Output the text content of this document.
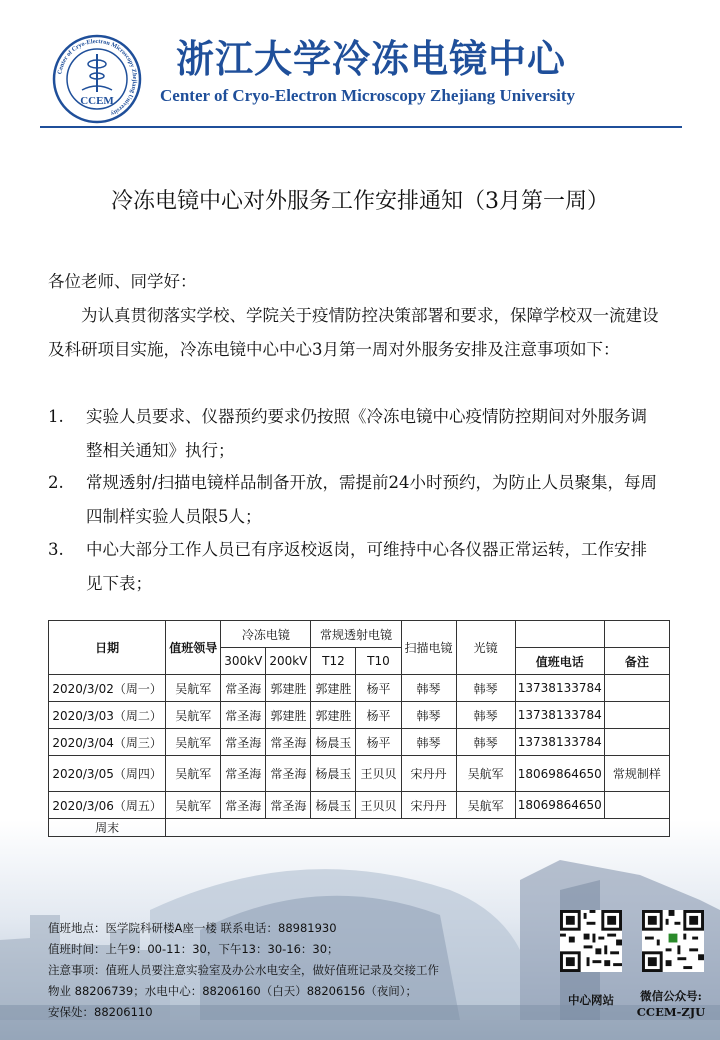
Center of Cryo-Electron Microscopy Zhejiang University
CCEM
浙江大学冷冻电镜中心
Center of Cryo-Electron Microscopy Zhejiang University
冷冻电镜中心对外服务工作安排通知（3月第一周）
各位老师、同学好：
为认真贯彻落实学校、学院关于疫情防控决策部署和要求，保障学校双一流建设及科研项目实施，冷冻电镜中心中心3月第一周对外服务安排及注意事项如下：
1. 实验人员要求、仪器预约要求仍按照《冷冻电镜中心疫情防控期间对外服务调整相关通知》执行；
2. 常规透射/扫描电镜样品制备开放，需提前24小时预约，为防止人员聚集，每周四制样实验人员限5人；
3. 中心大部分工作人员已有序返校返岗，可维持中心各仪器正常运转，工作安排见下表；
日期	值班领导	冷冻电镜		常规透射电镜		扫描电镜	光镜		
		300kV	200kV	T12	T10			值班电话	备注
2020/3/02（周一）	吴航军	常圣海	郭建胜	郭建胜	杨平	韩琴	韩琴	13738133784	
2020/3/03（周二）	吴航军	常圣海	郭建胜	郭建胜	杨平	韩琴	韩琴	13738133784	
2020/3/04（周三）	吴航军	常圣海	常圣海	杨晨玉	杨平	韩琴	韩琴	13738133784	
2020/3/05（周四）	吴航军	常圣海	常圣海	杨晨玉	王贝贝	宋丹丹	吴航军	18069864650	常规制样
2020/3/06（周五）	吴航军	常圣海	常圣海	杨晨玉	王贝贝	宋丹丹	吴航军	18069864650	
周末									
值班地点：医学院科研楼A座一楼 联系电话：88981930
值班时间：上午9：00-11：30，下午13：30-16：30；
注意事项：值班人员要注意实验室及办公水电安全，做好值班记录及交接工作
物业 88206739；水电中心：88206160（白天）88206156（夜间）；
安保处：88206110
中心网站	微信公众号:
CCEM-ZJU
